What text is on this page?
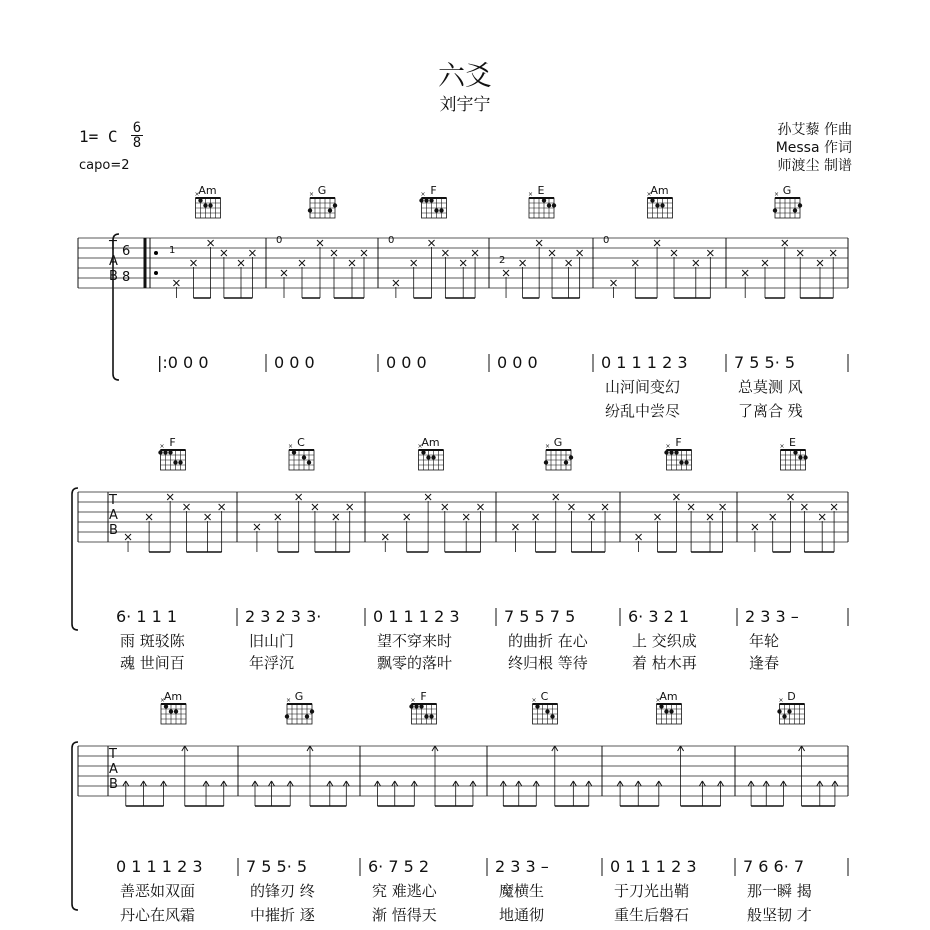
六爻
刘宇宁
1= C 6
8
capo=2
孙艾藜 作曲
Messa 作词
师渡尘 制谱
T
A
B
6
8
Am
×
1
|:0 0 0
G
×
0
0 0 0
F
×
0
0 0 0
E
×
2
0 0 0
Am
×
0
0 1 1 1 2 3
山河间变幻
纷乱中尝尽
G
×
7 5 5· 5
总莫测 风
了离合 残
T
A
B
F
×
6· 1 1 1
雨 斑驳陈
魂 世间百
C
×
2 3 2 3 3·
旧山门
年浮沉
Am
×
0 1 1 1 2 3
望不穿来时
飘零的落叶
G
×
7 5 5 7 5
的曲折 在心
终归根 等待
F
×
6· 3 2 1
上 交织成
着 枯木再
E
×
2 3 3 –
年轮
逢春
T
A
B
Am
×
0 1 1 1 2 3
善恶如双面
丹心在风霜
G
×
7 5 5· 5
的锋刃 终
中摧折 逐
F
×
6· 7 5 2
究 难逃心
渐 悟得天
C
×
2 3 3 –
魔横生
地通彻
Am
×
0 1 1 1 2 3
于刀光出鞘
重生后磐石
D
×
7 6 6· 7
那一瞬 揭
般坚韧 才
